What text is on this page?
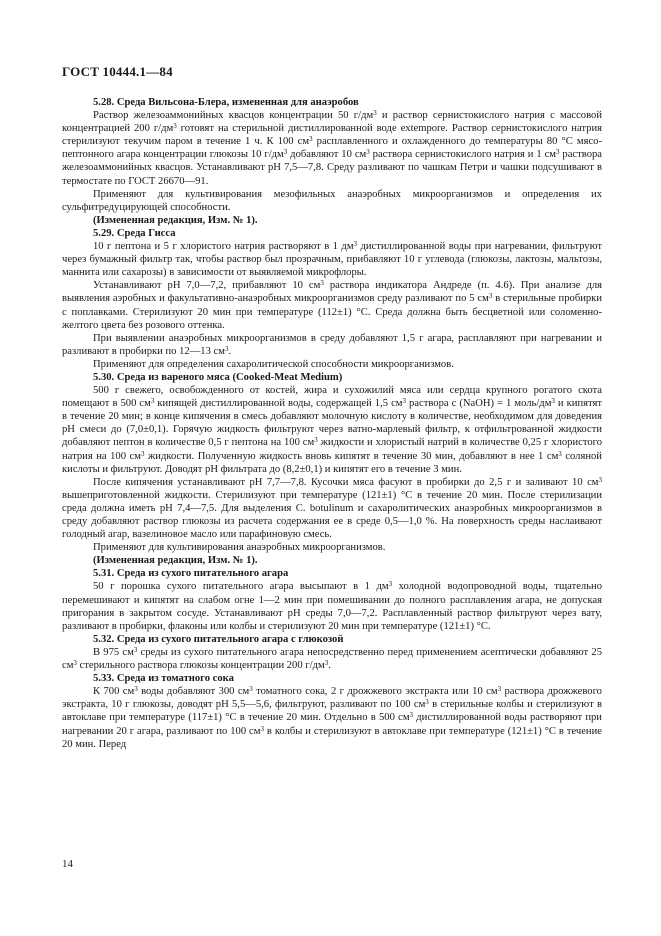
ГОСТ 10444.1—84

5.28. Среда Вильсона-Блера, измененная для анаэробов

Раствор железоаммонийных квасцов концентрации 50 $г/дм^3$ и раствор сернистокислого натрия с массовой концентрацией 200 $г/дм^3$ готовят на стерильной дистиллированной воде extempore. Раствор сернистокислого натрия стерилизуют текучим паром в течение 1 ч. К 100 $см^3$ расплавленного и охлажденного до температуры 80 °С мясо-пептонного агара концентрации глюкозы 10 $г/дм^3$ добавляют 10 $см^3$ раствора сернистокислого натрия и 1 $см^3$ раствора железоаммонийных квасцов. Устанавливают рН 7,5—7,8. Среду разливают по чашкам Петри и чашки подсушивают в термостате по ГОСТ 26670—91.

Применяют для культивирования мезофильных анаэробных микроорганизмов и определения их сульфитредуцирующей способности.

(Измененная редакция, Изм. № 1).

5.29. Среда Гисса

10 г пептона и 5 г хлористого натрия растворяют в 1 $дм^3$ дистиллированной воды при нагревании, фильтруют через бумажный фильтр так, чтобы раствор был прозрачным, прибавляют 10 г углевода (глюкозы, лактозы, мальтозы, маннита или сахарозы) в зависимости от выявляемой микрофлоры.

Устанавливают рН 7,0—7,2, прибавляют 10 $см^3$ раствора индикатора Андреде (п. 4.6). При анализе для выявления аэробных и факультативно-анаэробных микроорганизмов среду разливают по 5 $см^3$ в стерильные пробирки с поплавками. Стерилизуют 20 мин при температуре (112±1) °С. Среда должна быть бесцветной или соломенно-желтого цвета без розового оттенка.

При выявлении анаэробных микроорганизмов в среду добавляют 1,5 г агара, расплавляют при нагревании и разливают в пробирки по 12—13 $см^3$.

Применяют для определения сахаролитической способности микроорганизмов.

5.30. Среда из вареного мяса (Cooked-Meat Medium)

500 г свежего, освобожденного от костей, жира и сухожилий мяса или сердца крупного рогатого скота помещают в 500 $см^3$ кипящей дистиллированной воды, содержащей 1,5 $см^3$ раствора с (NaOH) = 1 моль/$дм^3$ и кипятят в течение 20 мин; в конце кипячения в смесь добавляют молочную кислоту в количестве, необходимом для доведения рН смеси до (7,0±0,1). Горячую жидкость фильтруют через ватно-марлевый фильтр, к отфильтрованной жидкости добавляют пептон в количестве 0,5 г пептона на 100 $см^3$ жидкости и хлористый натрий в количестве 0,25 г хлористого натрия на 100 $см^3$ жидкости. Полученную жидкость вновь кипятят в течение 30 мин, добавляют в нее 1 $см^3$ соляной кислоты и фильтруют. Доводят рН фильтрата до (8,2±0,1) и кипятят его в течение 3 мин.

После кипячения устанавливают рН 7,7—7,8. Кусочки мяса фасуют в пробирки до 2,5 г и заливают 10 $см^3$ вышеприготовленной жидкости. Стерилизуют при температуре (121±1) °С в течение 20 мин. После стерилизации среда должна иметь рН 7,4—7,5. Для выделения С. botulinum и сахаролитических анаэробных микроорганизмов в среду добавляют раствор глюкозы из расчета содержания ее в среде 0,5—1,0 %. На поверхность среды наслаивают голодный агар, вазелиновое масло или парафиновую смесь.

Применяют для культивирования анаэробных микроорганизмов.

(Измененная редакция, Изм. № 1).

5.31. Среда из сухого питательного агара

50 г порошка сухого питательного агара высыпают в 1 $дм^3$ холодной водопроводной воды, тщательно перемешивают и кипятят на слабом огне 1—2 мин при помешивании до полного расплавления агара, не допуская пригорания в закрытом сосуде. Устанавливают рН среды 7,0—7,2. Расплавленный раствор фильтруют через вату, разливают в пробирки, флаконы или колбы и стерилизуют 20 мин при температуре (121±1) °С.

5.32. Среда из сухого питательного агара с глюкозой

В 975 $см^3$ среды из сухого питательного агара непосредственно перед применением асептически добавляют 25 $см^3$ стерильного раствора глюкозы концентрации 200 $г/дм^3$.

5.33. Среда из томатного сока

К 700 $см^3$ воды добавляют 300 $см^3$ томатного сока, 2 г дрожжевого экстракта или 10 $см^3$ раствора дрожжевого экстракта, 10 г глюкозы, доводят рН 5,5—5,6, фильтруют, разливают по 100 $см^3$ в стерильные колбы и стерилизуют в автоклаве при температуре (117±1) °С в течение 20 мин. Отдельно в 500 $см^3$ дистиллированной воды растворяют при нагревании 20 г агара, разливают по 100 $см^3$ в колбы и стерилизуют в автоклаве при температуре (121±1) °С в течение 20 мин. Перед

14
